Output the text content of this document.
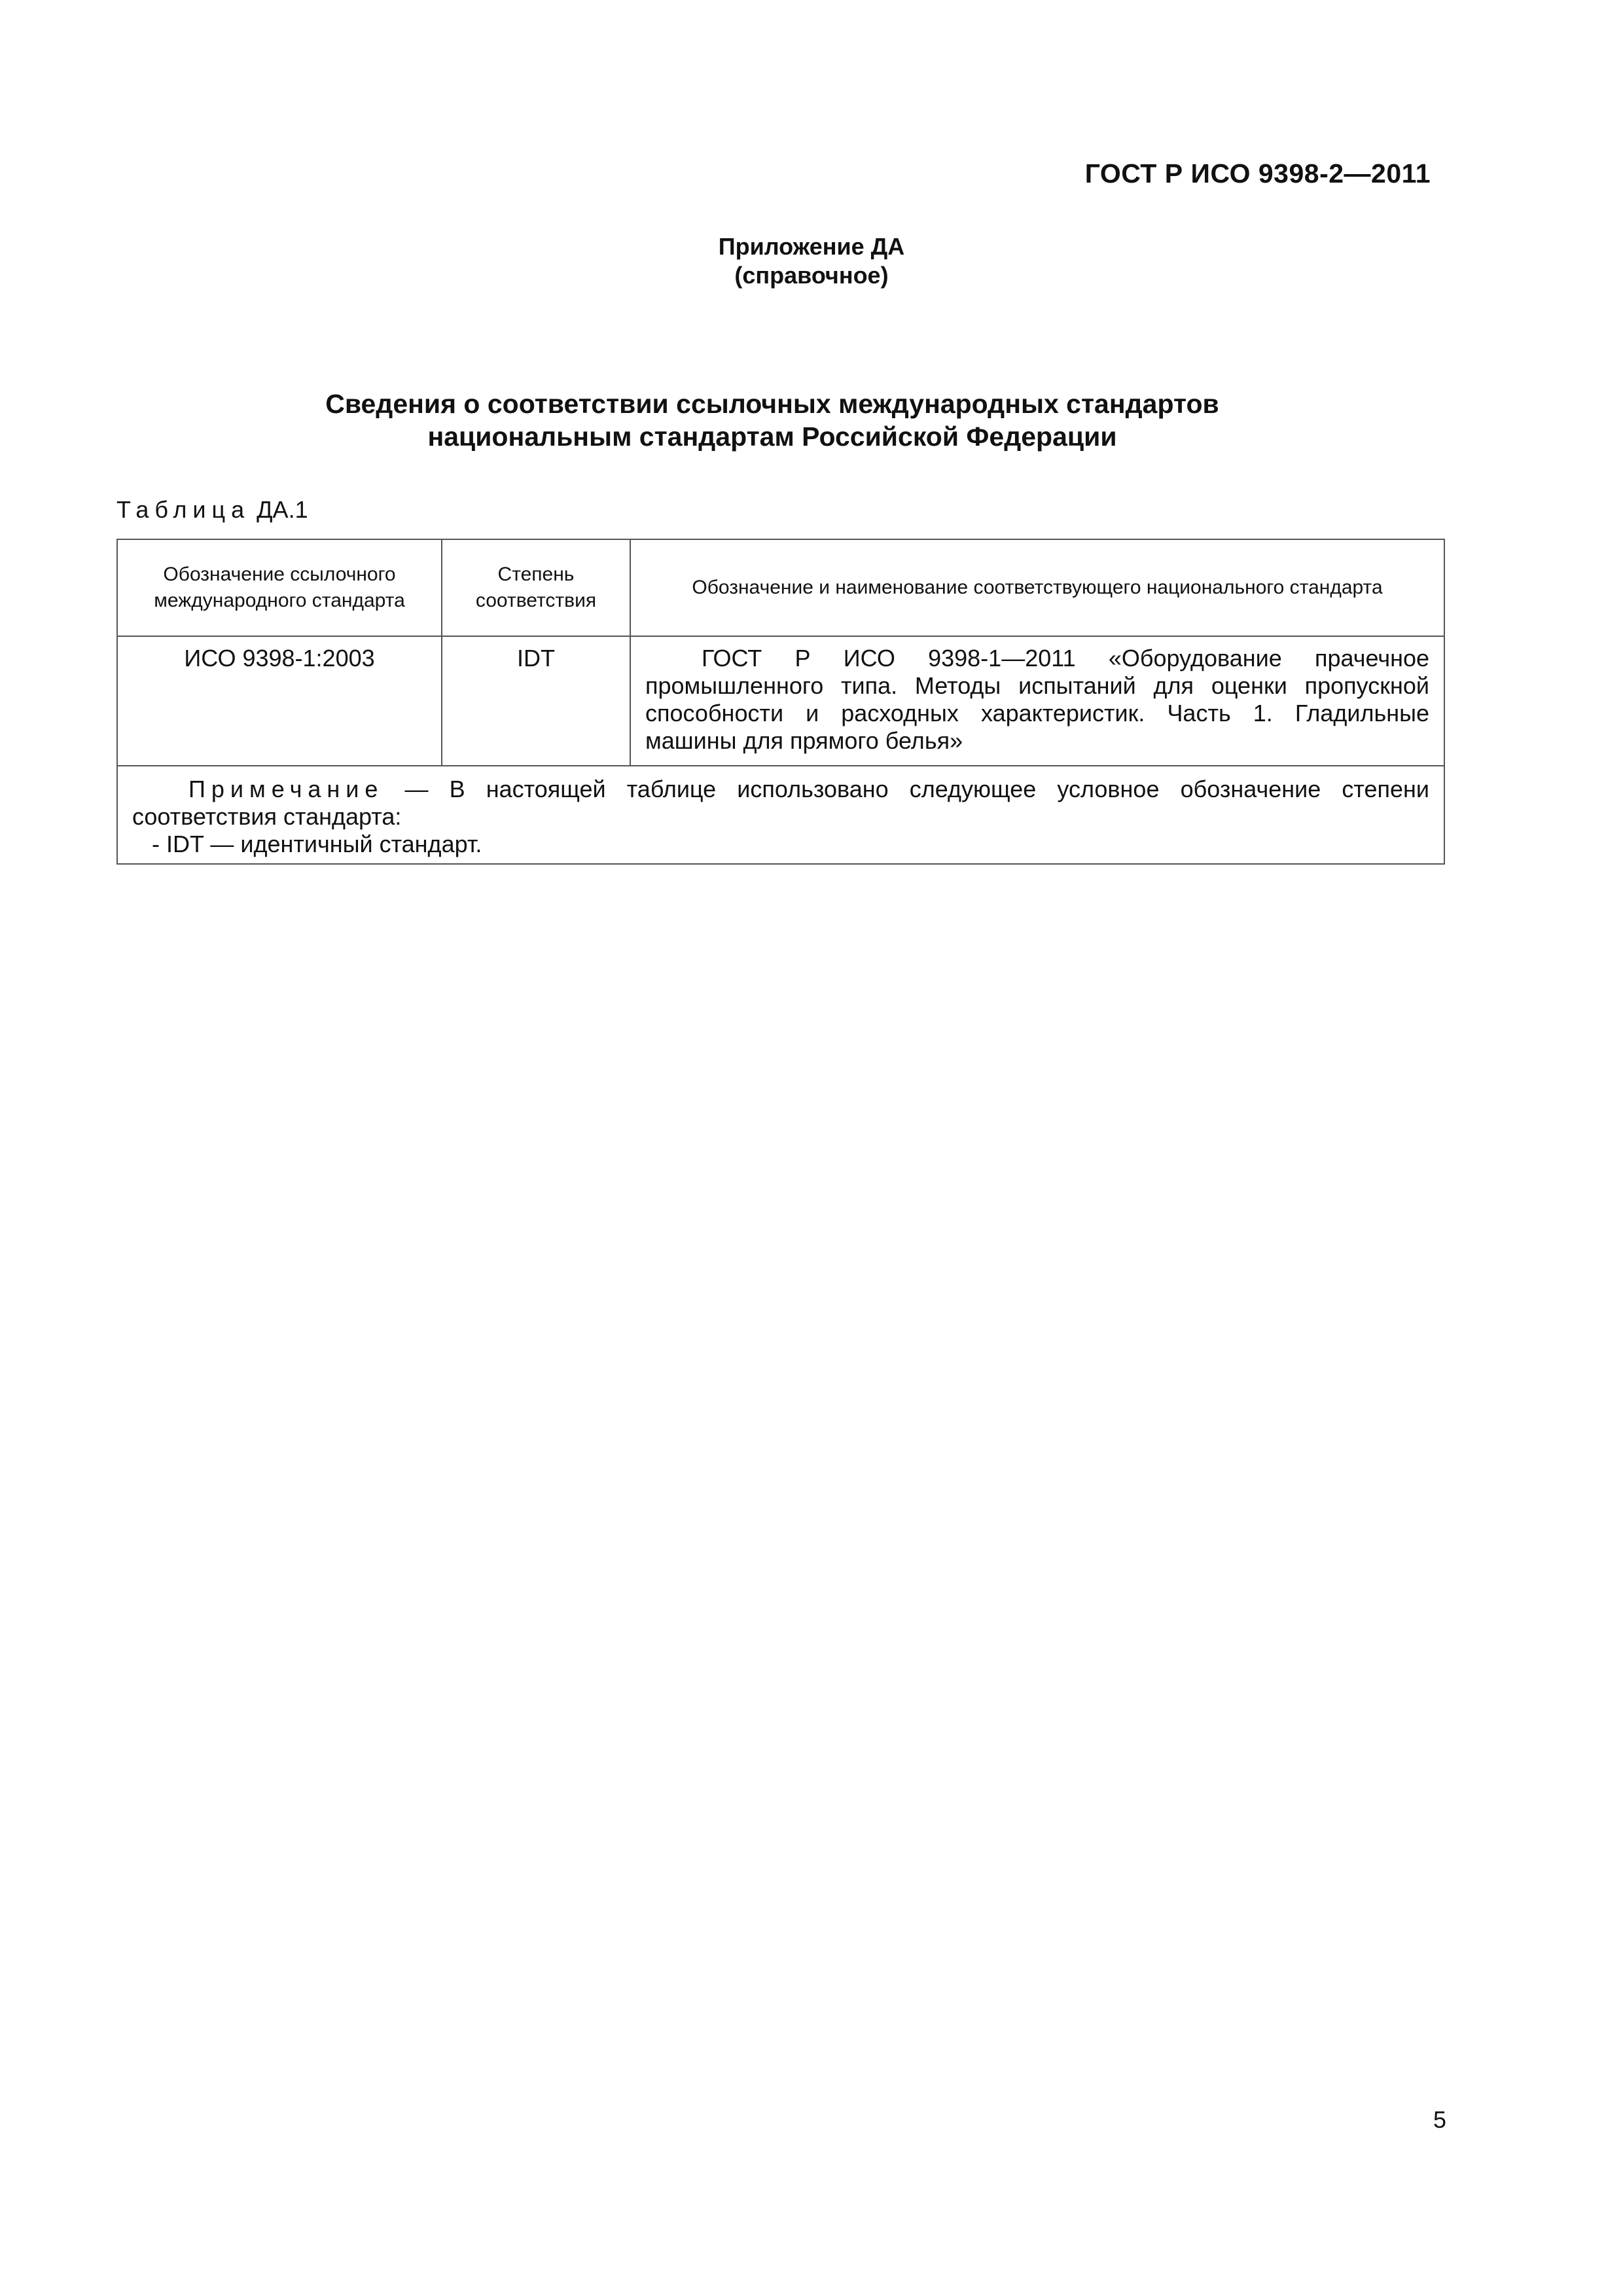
ГОСТ Р ИСО 9398-2—2011
Приложение ДА
(справочное)
Сведения о соответствии ссылочных международных стандартов
национальным стандартам Российской Федерации
Таблица ДА.1
Обозначение ссылочного международного стандарта	Степень соответствия	Обозначение и наименование соответствующего национального стандарта
ИСО 9398-1:2003	IDT	ГОСТ Р ИСО 9398-1—2011 «Оборудование прачечное промышленного типа. Методы испытаний для оценки пропускной способности и расходных характеристик. Часть 1. Гладильные машины для прямого белья»

Примечание — В настоящей таблице использовано следующее условное обозначение степени соответствия стандарта:
- IDT — идентичный стандарт.		
5
